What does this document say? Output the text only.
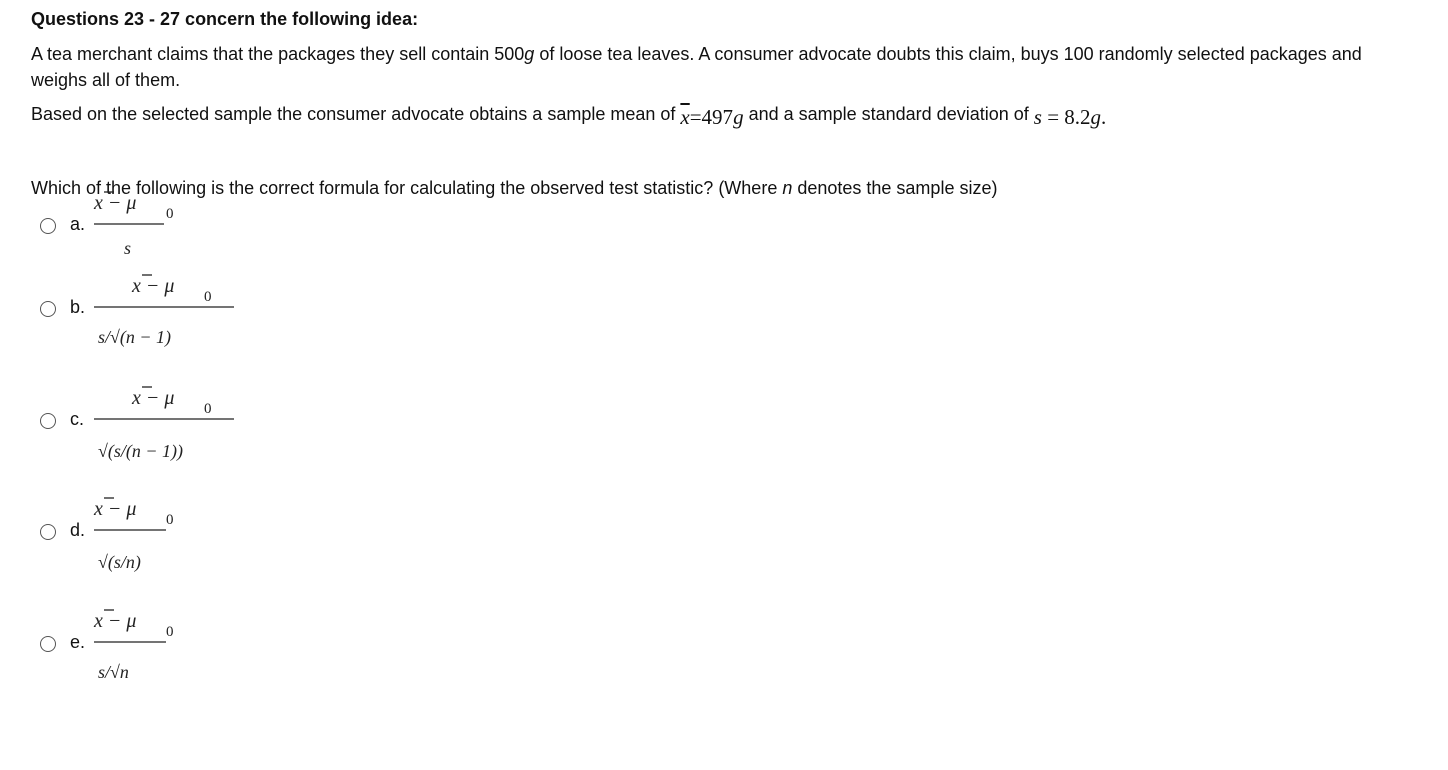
Questions 23 - 27 concern the following idea:
A tea merchant claims that the packages they sell contain 500g of loose tea leaves. A consumer advocate doubts this claim, buys 100 randomly selected packages and weighs all of them.
Based on the selected sample the consumer advocate obtains a sample mean of $\overline{x}=497g$ and a sample standard deviation of s = 8.2g.
Which of the following is the correct formula for calculating the observed test statistic? (Where n denotes the sample size)
a.
x − μ 0
s
b.
x − μ 0
s/√(n − 1)
c.
x − μ 0
√(s/(n − 1))
d.
x − μ 0
√(s/n)
e.
x − μ 0
s/√n
